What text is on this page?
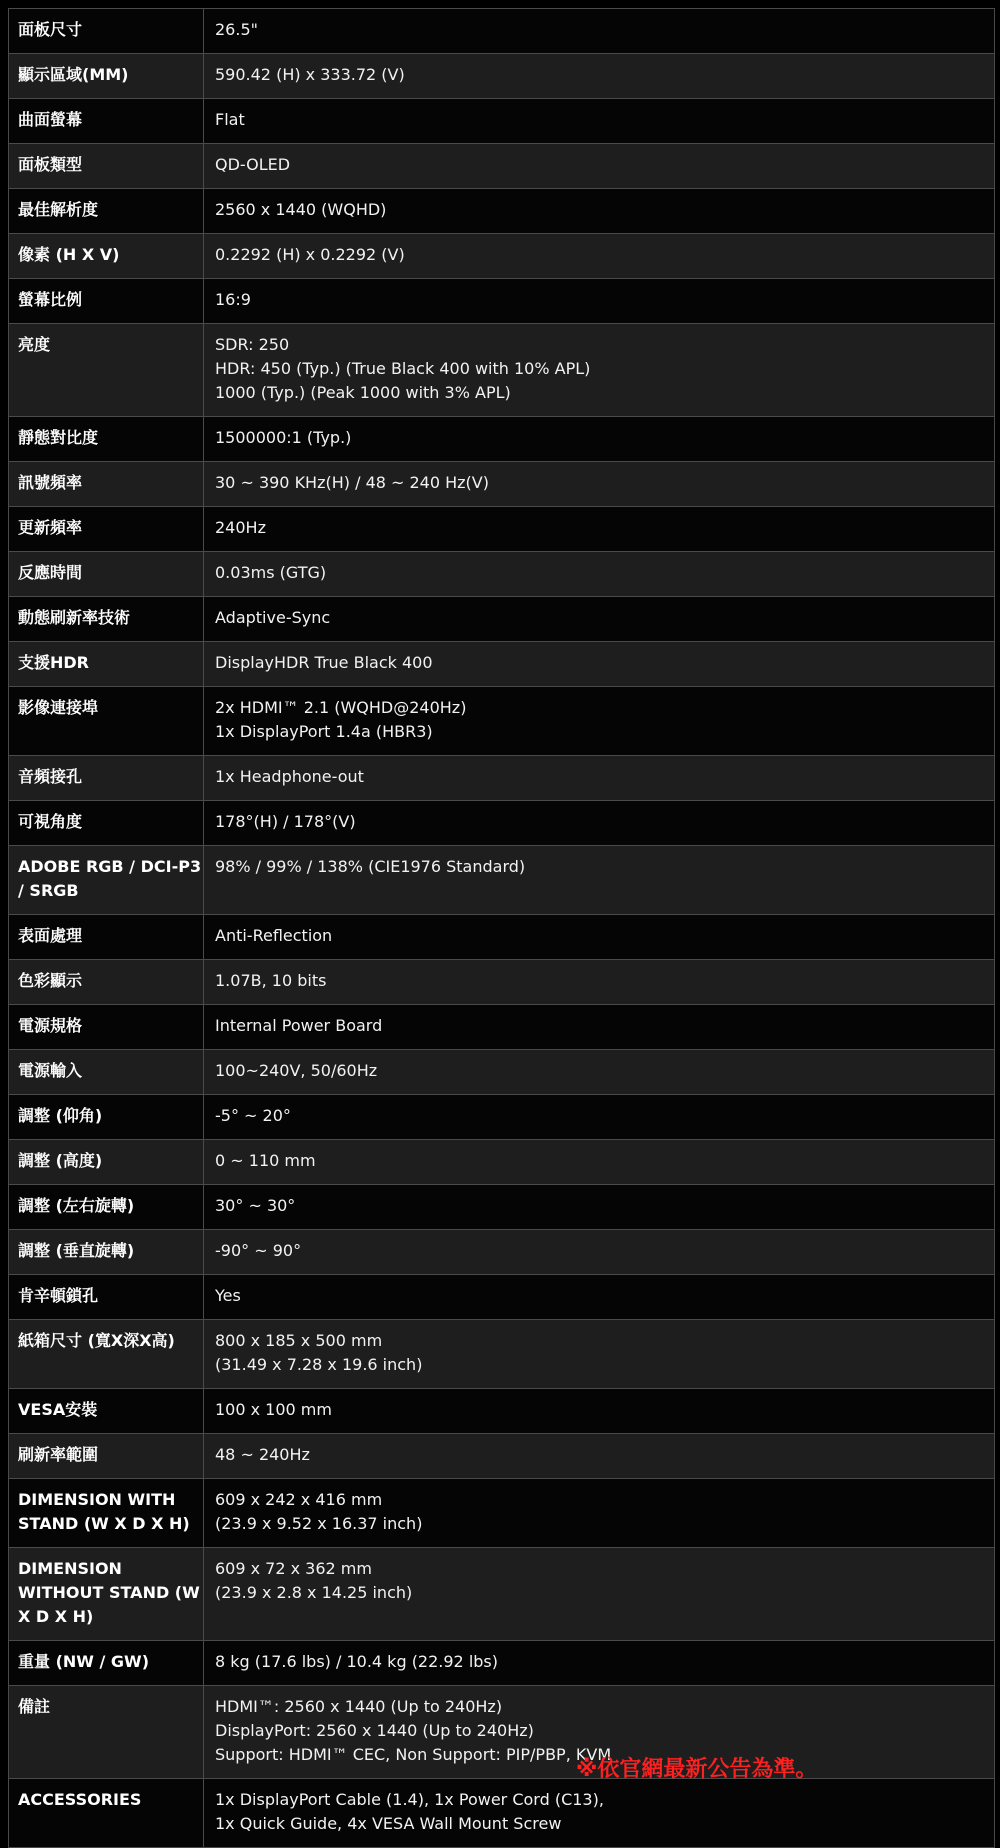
面板尺寸	26.5"

顯示區域(MM)	590.42 (H) x 333.72 (V)

曲面螢幕	Flat

面板類型	QD-OLED

最佳解析度	2560 x 1440 (WQHD)

像素 (H X V)	0.2292 (H) x 0.2292 (V)

螢幕比例	16:9

亮度	SDR: 250
HDR: 450 (Typ.) (True Black 400 with 10% APL)
1000 (Typ.) (Peak 1000 with 3% APL)

靜態對比度	1500000:1 (Typ.)

訊號頻率	30 ~ 390 KHz(H) / 48 ~ 240 Hz(V)

更新頻率	240Hz

反應時間	0.03ms (GTG)

動態刷新率技術	Adaptive-Sync

支援HDR	DisplayHDR True Black 400

影像連接埠	2x HDMI™ 2.1 (WQHD@240Hz)
1x DisplayPort 1.4a (HBR3)

音頻接孔	1x Headphone-out

可視角度	178°(H) / 178°(V)

ADOBE RGB / DCI-P3
/ SRGB	98% / 99% / 138% (CIE1976 Standard)

表面處理	Anti-Reflection

色彩顯示	1.07B, 10 bits

電源規格	Internal Power Board

電源輸入	100~240V, 50/60Hz

調整 (仰角)	-5° ~ 20°

調整 (高度)	0 ~ 110 mm

調整 (左右旋轉)	30° ~ 30°

調整 (垂直旋轉)	-90° ~ 90°

肯辛頓鎖孔	Yes

紙箱尺寸 (寬X深X高)	800 x 185 x 500 mm
(31.49 x 7.28 x 19.6 inch)

VESA安裝	100 x 100 mm

刷新率範圍	48 ~ 240Hz

DIMENSION WITH
STAND (W X D X H)	609 x 242 x 416 mm
(23.9 x 9.52 x 16.37 inch)

DIMENSION
WITHOUT STAND (W
X D X H)	609 x 72 x 362 mm
(23.9 x 2.8 x 14.25 inch)

重量 (NW / GW)	8 kg (17.6 lbs) / 10.4 kg (22.92 lbs)

備註	HDMI™: 2560 x 1440 (Up to 240Hz)
DisplayPort: 2560 x 1440 (Up to 240Hz)
Support: HDMI™ CEC, Non Support: PIP/PBP, KVM

ACCESSORIES	1x DisplayPort Cable (1.4), 1x Power Cord (C13),
1x Quick Guide, 4x VESA Wall Mount Screw
※依官網最新公告為準。
